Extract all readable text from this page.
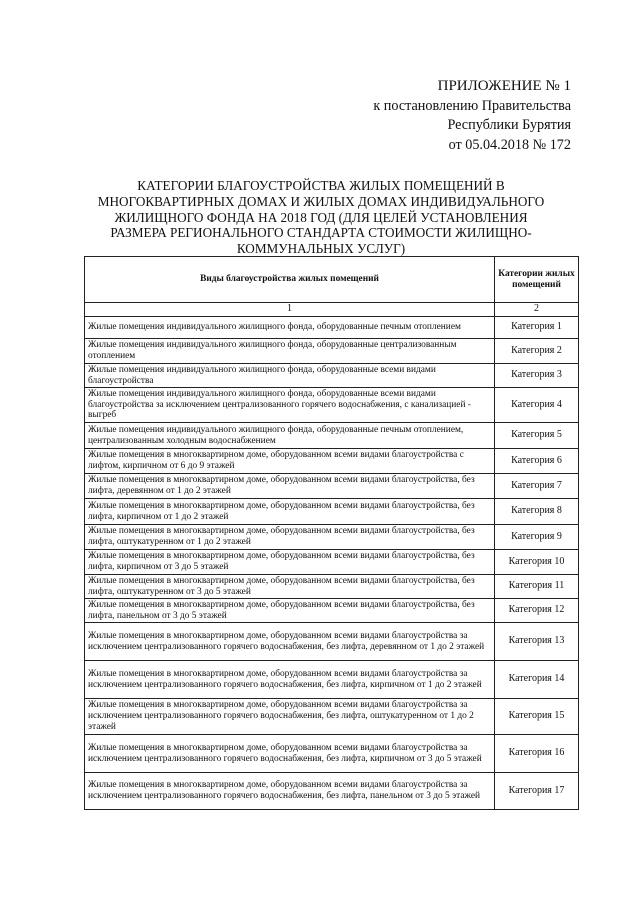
ПРИЛОЖЕНИЕ № 1
к постановлению Правительства
Республики Бурятия
от 05.04.2018 № 172
КАТЕГОРИИ БЛАГОУСТРОЙСТВА ЖИЛЫХ ПОМЕЩЕНИЙ В МНОГОКВАРТИРНЫХ ДОМАХ И ЖИЛЫХ ДОМАХ ИНДИВИДУАЛЬНОГО ЖИЛИЩНОГО ФОНДА НА 2018 ГОД (ДЛЯ ЦЕЛЕЙ УСТАНОВЛЕНИЯ РАЗМЕРА РЕГИОНАЛЬНОГО СТАНДАРТА СТОИМОСТИ ЖИЛИЩНО-КОММУНАЛЬНЫХ УСЛУГ)
Виды благоустройства жилых помещений	Категории жилых помещений
1	2
Жилые помещения индивидуального жилищного фонда, оборудованные печным отоплением	Категория 1
Жилые помещения индивидуального жилищного фонда, оборудованные централизованным отоплением	Категория 2
Жилые помещения индивидуального жилищного фонда, оборудованные всеми видами благоустройства	Категория 3
Жилые помещения индивидуального жилищного фонда, оборудованные всеми видами благоустройства за исключением централизованного горячего водоснабжения, с канализацией - выгреб	Категория 4
Жилые помещения индивидуального жилищного фонда, оборудованные печным отоплением, централизованным холодным водоснабжением	Категория 5
Жилые помещения в многоквартирном доме, оборудованном всеми видами благоустройства с лифтом, кирпичном от 6 до 9 этажей	Категория 6
Жилые помещения в многоквартирном доме, оборудованном всеми видами благоустройства, без лифта, деревянном от 1 до 2 этажей	Категория 7
Жилые помещения в многоквартирном доме, оборудованном всеми видами благоустройства, без лифта, кирпичном от 1 до 2 этажей	Категория 8
Жилые помещения в многоквартирном доме, оборудованном всеми видами благоустройства, без лифта, оштукатуренном от 1 до 2 этажей	Категория 9
Жилые помещения в многоквартирном доме, оборудованном всеми видами благоустройства, без лифта, кирпичном от 3 до 5 этажей	Категория 10
Жилые помещения в многоквартирном доме, оборудованном всеми видами благоустройства, без лифта, оштукатуренном от 3 до 5 этажей	Категория 11
Жилые помещения в многоквартирном доме, оборудованном всеми видами благоустройства, без лифта, панельном от 3 до 5 этажей	Категория 12
Жилые помещения в многоквартирном доме, оборудованном всеми видами благоустройства за исключением централизованного горячего водоснабжения, без лифта, деревянном от 1 до 2 этажей	Категория 13
Жилые помещения в многоквартирном доме, оборудованном всеми видами благоустройства за исключением централизованного горячего водоснабжения, без лифта, кирпичном от 1 до 2 этажей	Категория 14
Жилые помещения в многоквартирном доме, оборудованном всеми видами благоустройства за исключением централизованного горячего водоснабжения, без лифта, оштукатуренном от 1 до 2 этажей	Категория 15
Жилые помещения в многоквартирном доме, оборудованном всеми видами благоустройства за исключением централизованного горячего водоснабжения, без лифта, кирпичном от 3 до 5 этажей	Категория 16
Жилые помещения в многоквартирном доме, оборудованном всеми видами благоустройства за исключением централизованного горячего водоснабжения, без лифта, панельном от 3 до 5 этажей	Категория 17
